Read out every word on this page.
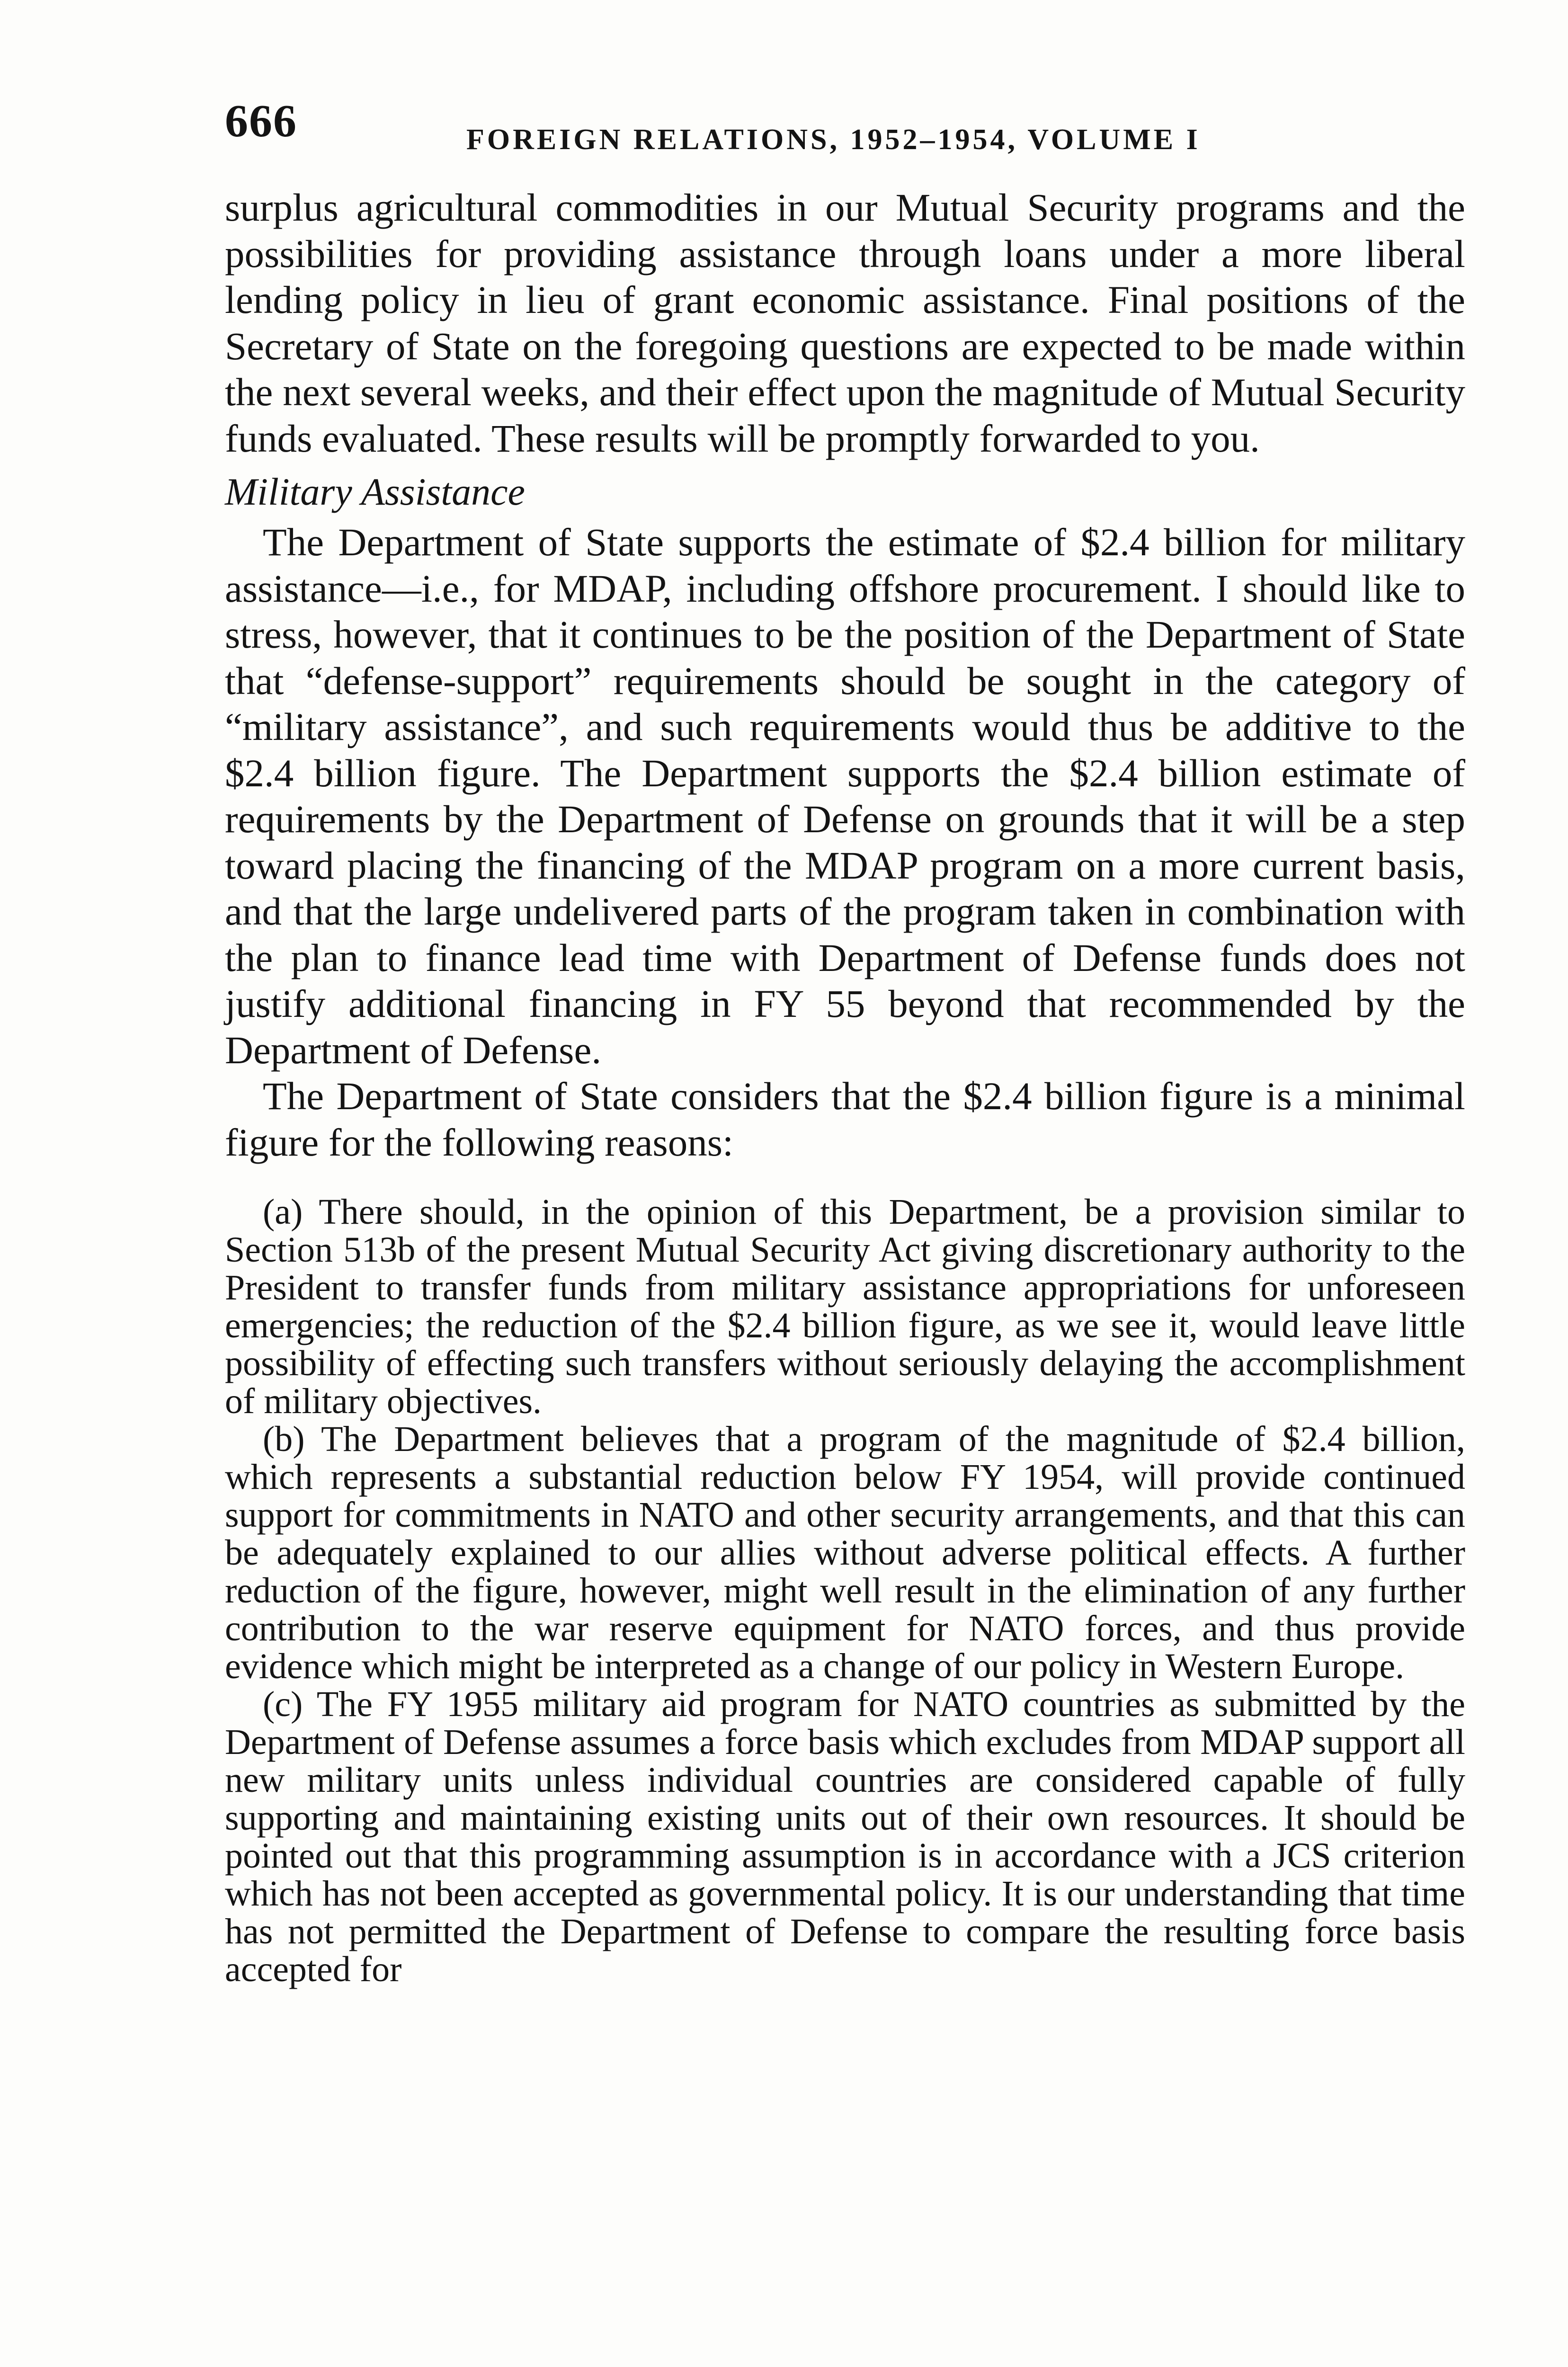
666	FOREIGN RELATIONS, 1952–1954, VOLUME I

surplus agricultural commodities in our Mutual Security programs and the possibilities for providing assistance through loans under a more liberal lending policy in lieu of grant economic assistance. Final positions of the Secretary of State on the foregoing questions are expected to be made within the next several weeks, and their effect upon the magnitude of Mutual Security funds evaluated. These results will be promptly forwarded to you.

Military Assistance

The Department of State supports the estimate of $2.4 billion for military assistance—i.e., for MDAP, including offshore procurement. I should like to stress, however, that it continues to be the position of the Department of State that “defense-support” requirements should be sought in the category of “military assistance”, and such requirements would thus be additive to the $2.4 billion figure. The Department supports the $2.4 billion estimate of requirements by the Department of Defense on grounds that it will be a step toward placing the financing of the MDAP program on a more current basis, and that the large undelivered parts of the program taken in combination with the plan to finance lead time with Department of Defense funds does not justify additional financing in FY 55 beyond that recommended by the Department of Defense.

The Department of State considers that the $2.4 billion figure is a minimal figure for the following reasons:

(a) There should, in the opinion of this Department, be a provision similar to Section 513b of the present Mutual Security Act giving discretionary authority to the President to transfer funds from military assistance appropriations for unforeseen emergencies; the reduction of the $2.4 billion figure, as we see it, would leave little possibility of effecting such transfers without seriously delaying the accomplishment of military objectives.

(b) The Department believes that a program of the magnitude of $2.4 billion, which represents a substantial reduction below FY 1954, will provide continued support for commitments in NATO and other security arrangements, and that this can be adequately explained to our allies without adverse political effects. A further reduction of the figure, however, might well result in the elimination of any further contribution to the war reserve equipment for NATO forces, and thus provide evidence which might be interpreted as a change of our policy in Western Europe.

(c) The FY 1955 military aid program for NATO countries as submitted by the Department of Defense assumes a force basis which excludes from MDAP support all new military units unless individual countries are considered capable of fully supporting and maintaining existing units out of their own resources. It should be pointed out that this programming assumption is in accordance with a JCS criterion which has not been accepted as governmental policy. It is our understanding that time has not permitted the Department of Defense to compare the resulting force basis accepted for
